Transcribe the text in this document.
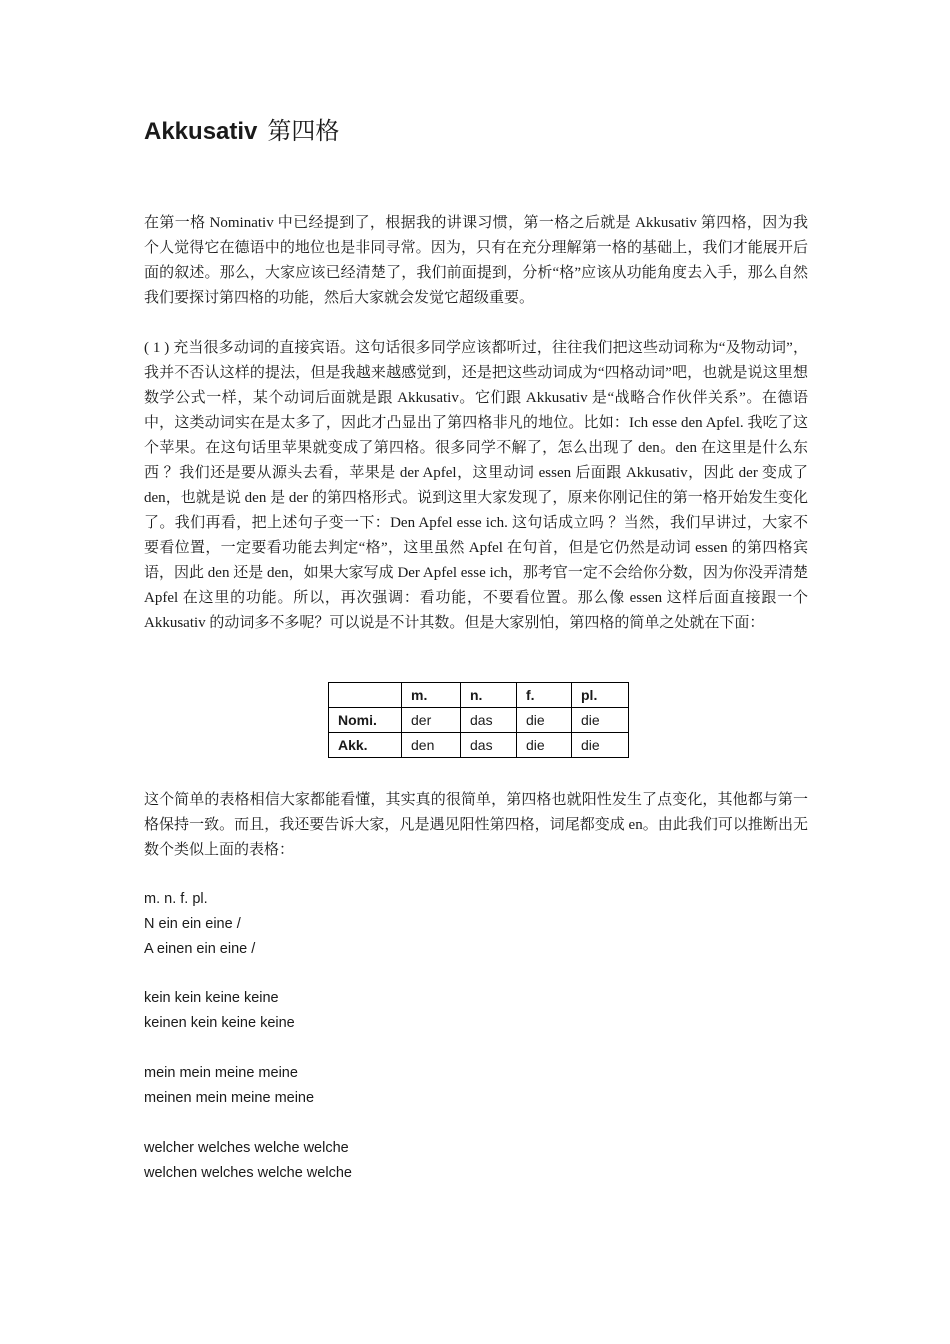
Akkusativ 第四格

在第一格 Nominativ 中已经提到了，根据我的讲课习惯，第一格之后就是 Akkusativ 第四格，因为我个人觉得它在德语中的地位也是非同寻常。因为，只有在充分理解第一格的基础上，我们才能展开后面的叙述。那么，大家应该已经清楚了，我们前面提到，分析“格”应该从功能角度去入手，那么自然我们要探讨第四格的功能，然后大家就会发觉它超级重要。

( 1 ) 充当很多动词的直接宾语。这句话很多同学应该都听过，往往我们把这些动词称为“及物动词”，我并不否认这样的提法，但是我越来越感觉到，还是把这些动词成为“四格动词”吧，也就是说这里想数学公式一样，某个动词后面就是跟 Akkusativ。它们跟 Akkusativ 是“战略合作伙伴关系”。在德语中，这类动词实在是太多了，因此才凸显出了第四格非凡的地位。比如：Ich esse den Apfel. 我吃了这个苹果。在这句话里苹果就变成了第四格。很多同学不解了，怎么出现了 den。den 在这里是什么东西 ？我们还是要从源头去看，苹果是 der Apfel，这里动词 essen 后面跟 Akkusativ，因此 der 变成了 den，也就是说 den 是 der 的第四格形式。说到这里大家发现了，原来你刚记住的第一格开始发生变化了。我们再看，把上述句子变一下：Den Apfel esse ich. 这句话成立吗 ？当然，我们早讲过，大家不要看位置，一定要看功能去判定“格”，这里虽然 Apfel 在句首，但是它仍然是动词 essen 的第四格宾语，因此 den 还是 den，如果大家写成 Der Apfel esse ich，那考官一定不会给你分数，因为你没弄清楚 Apfel 在这里的功能。所以，再次强调：看功能，不要看位置。那么像 essen 这样后面直接跟一个 Akkusativ 的动词多不多呢？可以说是不计其数。但是大家别怕，第四格的简单之处就在下面：

	m.	n.	f.	pl.
Nomi.	der	das	die	die
Akk.	den	das	die	die

这个简单的表格相信大家都能看懂，其实真的很简单，第四格也就阳性发生了点变化，其他都与第一格保持一致。而且，我还要告诉大家，凡是遇见阳性第四格，词尾都变成 en。由此我们可以推断出无数个类似上面的表格：

m. n. f. pl.
N ein ein eine /
A einen ein eine /
kein kein keine keine
keinen kein keine keine
mein mein meine meine
meinen mein meine meine
welcher welches welche welche
welchen welches welche welche
